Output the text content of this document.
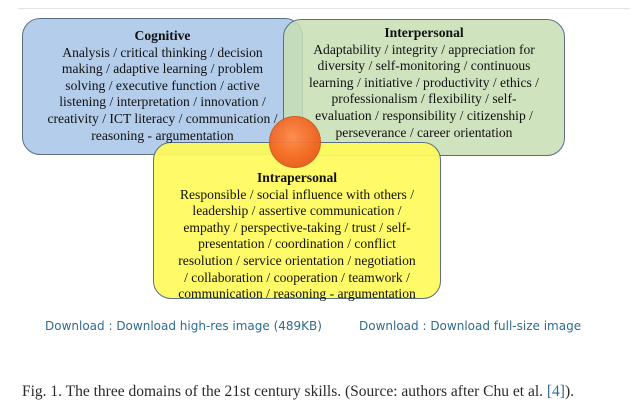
Cognitive
Analysis / critical thinking / decision
making / adaptive learning / problem
solving / executive function / active
listening / interpretation / innovation /
creativity / ICT literacy / communication /
reasoning - argumentation
Interpersonal
Adaptability / integrity / appreciation for
diversity / self-monitoring / continuous
learning / initiative / productivity / ethics /
professionalism / flexibility / self-
evaluation / responsibility / citizenship /
perseverance / career orientation
Intrapersonal
Responsible / social influence with others /
leadership / assertive communication /
empathy / perspective-taking / trust / self-
presentation / coordination / conflict
resolution / service orientation / negotiation
/ collaboration / cooperation / teamwork /
communication / reasoning - argumentation
Download : Download high-res image (489KB)	Download : Download full-size image
Fig. 1. The three domains of the 21st century skills. (Source: authors after Chu et al. [4]).
